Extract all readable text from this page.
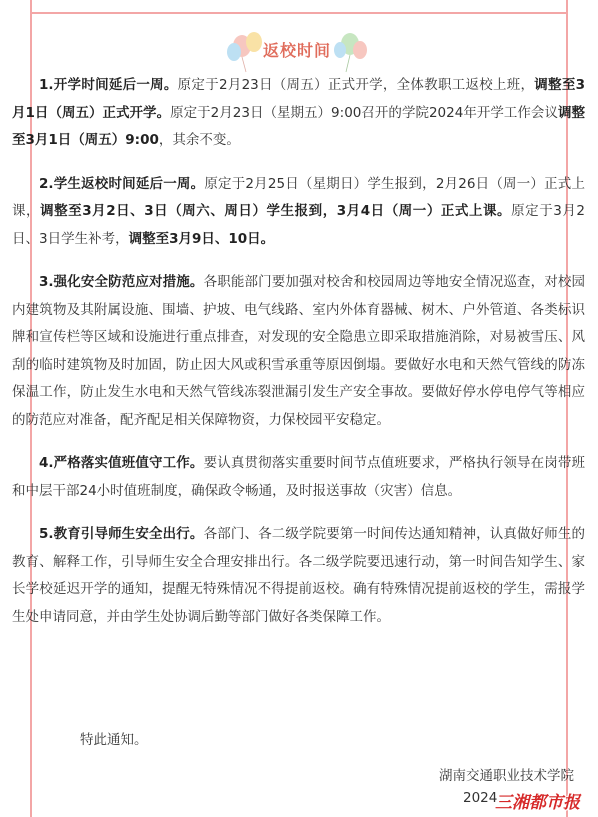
返校时间

1.开学时间延后一周。原定于2月23日（周五）正式开学，全体教职工返校上班，调整至3月1日（周五）正式开学。原定于2月23日（星期五）9:00召开的学院2024年开学工作会议调整至3月1日（周五）9:00，其余不变。

2.学生返校时间延后一周。原定于2月25日（星期日）学生报到，2月26日（周一）正式上课，调整至3月2日、3日（周六、周日）学生报到，3月4日（周一）正式上课。原定于3月2日、3日学生补考，调整至3月9日、10日。

3.强化安全防范应对措施。各职能部门要加强对校舍和校园周边等地安全情况巡查，对校园内建筑物及其附属设施、围墙、护坡、电气线路、室内外体育器械、树木、户外管道、各类标识牌和宣传栏等区域和设施进行重点排查，对发现的安全隐患立即采取措施消除，对易被雪压、风刮的临时建筑物及时加固，防止因大风或积雪承重等原因倒塌。要做好水电和天然气管线的防冻保温工作，防止发生水电和天然气管线冻裂泄漏引发生产安全事故。要做好停水停电停气等相应的防范应对准备，配齐配足相关保障物资，力保校园平安稳定。

4.严格落实值班值守工作。要认真贯彻落实重要时间节点值班要求，严格执行领导在岗带班和中层干部24小时值班制度，确保政令畅通，及时报送事故（灾害）信息。

5.教育引导师生安全出行。各部门、各二级学院要第一时间传达通知精神，认真做好师生的教育、解释工作，引导师生安全合理安排出行。各二级学院要迅速行动，第一时间告知学生、家长学校延迟开学的通知，提醒无特殊情况不得提前返校。确有特殊情况提前返校的学生，需报学生处申请同意，并由学生处协调后勤等部门做好各类保障工作。

特此通知。
湖南交通职业技术学院
2024
三湘都市报
